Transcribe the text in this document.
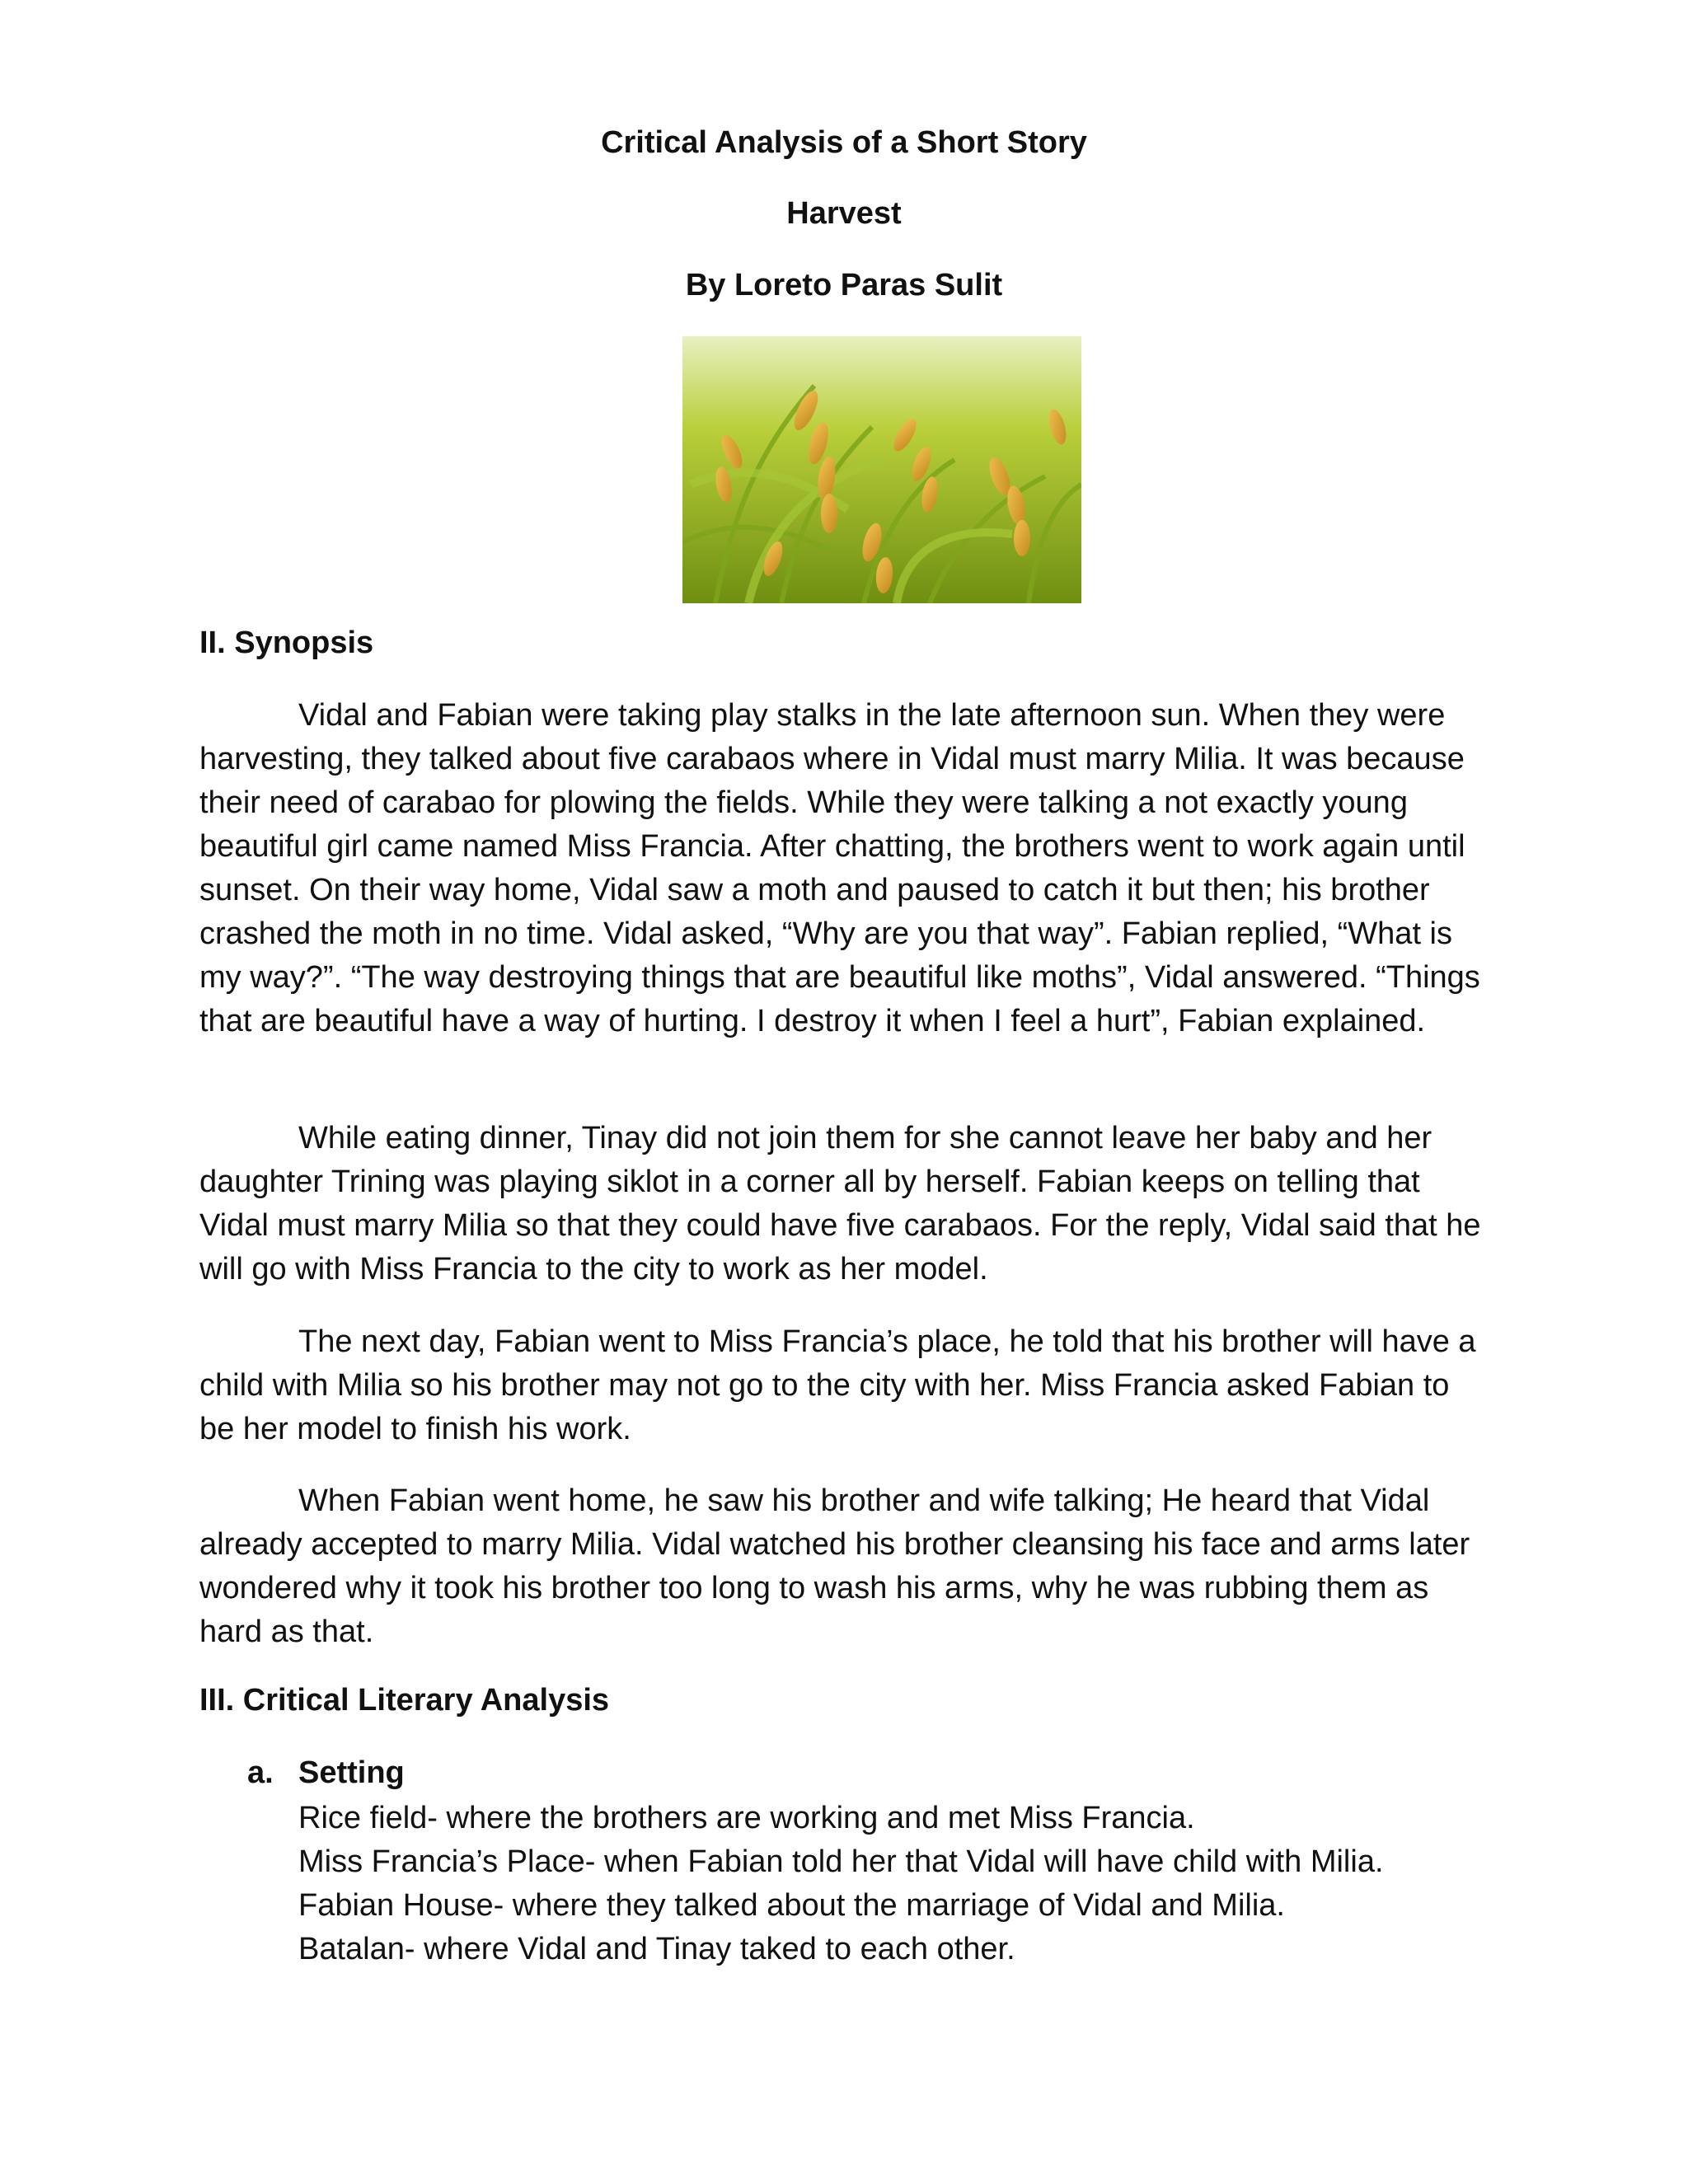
Critical Analysis of a Short Story
Harvest
By Loreto Paras Sulit
II. Synopsis

Vidal and Fabian were taking play stalks in the late afternoon sun. When they were harvesting, they talked about five carabaos where in Vidal must marry Milia. It was because their need of carabao for plowing the fields. While they were talking a not exactly young beautiful girl came named Miss Francia. After chatting, the brothers went to work again until sunset. On their way home, Vidal saw a moth and paused to catch it but then; his brother crashed the moth in no time. Vidal asked, “Why are you that way”. Fabian replied, “What is my way?”. “The way destroying things that are beautiful like moths”, Vidal answered. “Things that are beautiful have a way of hurting. I destroy it when I feel a hurt”, Fabian explained.

While eating dinner, Tinay did not join them for she cannot leave her baby and her daughter Trining was playing siklot in a corner all by herself. Fabian keeps on telling that Vidal must marry Milia so that they could have five carabaos. For the reply, Vidal said that he will go with Miss Francia to the city to work as her model.

The next day, Fabian went to Miss Francia’s place, he told that his brother will have a child with Milia so his brother may not go to the city with her. Miss Francia asked Fabian to be her model to finish his work.

When Fabian went home, he saw his brother and wife talking; He heard that Vidal already accepted to marry Milia. Vidal watched his brother cleansing his face and arms later wondered why it took his brother too long to wash his arms, why he was rubbing them as hard as that.

III. Critical Literary Analysis
a. Setting
Rice field- where the brothers are working and met Miss Francia.
Miss Francia’s Place- when Fabian told her that Vidal will have child with Milia.
Fabian House- where they talked about the marriage of Vidal and Milia.
Batalan- where Vidal and Tinay taked to each other.
